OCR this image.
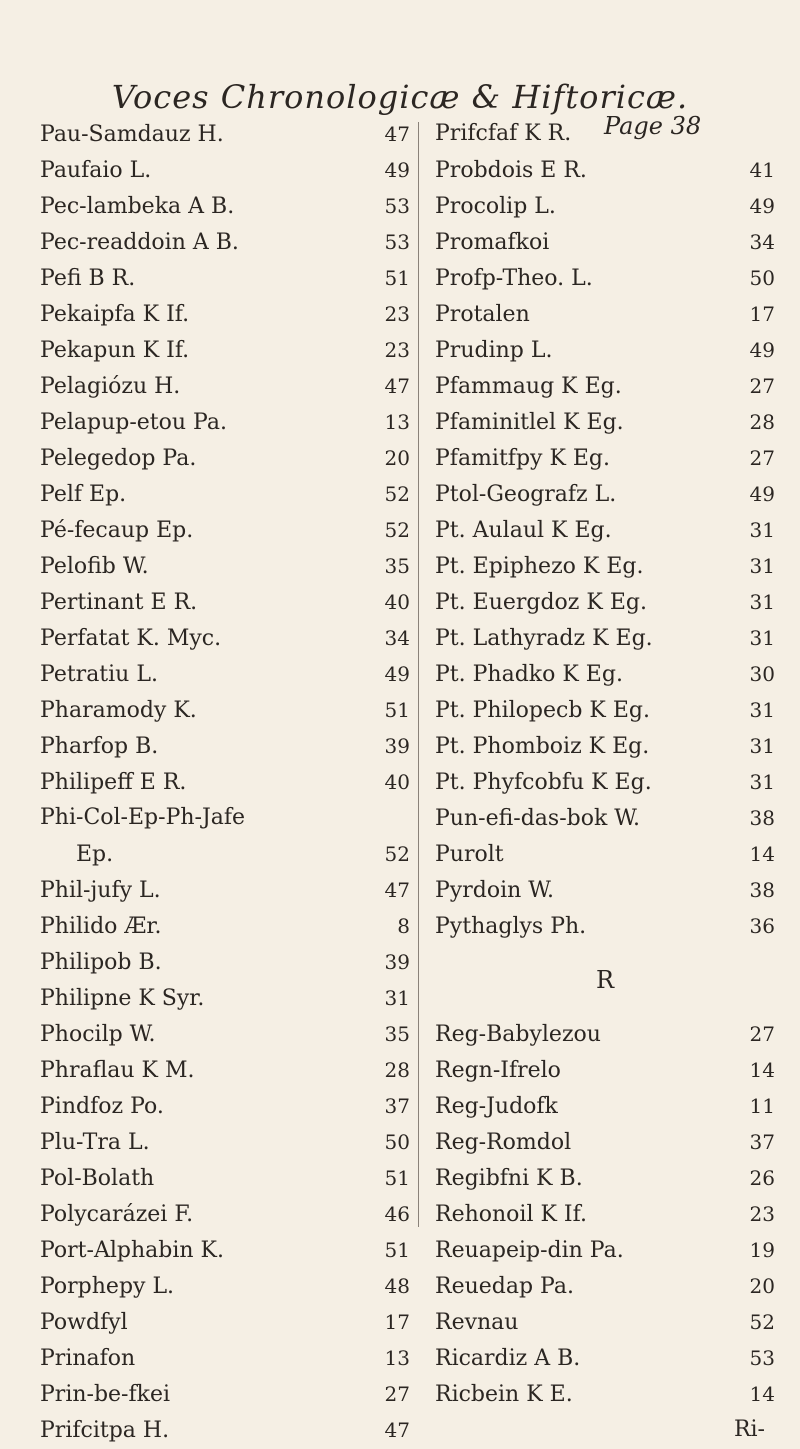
Voces Chronologicæ & Hiftoricæ.
Page 38
Pau-Samdauz H.	47
Paufaio L.	49
Pec-lambeka A B.	53
Pec-readdoin A B.	53
Pefi B R.	51
Pekaipfa K If.	23
Pekapun K If.	23
Pelagiózu H.	47
Pelapup-etou Pa.	13
Pelegedop Pa.	20
Pelf Ep.	52
Pé-fecaup Ep.	52
Pelofib W.	35
Pertinant E R.	40
Perfatat K. Myc.	34
Petratiu L.	49
Pharamody K.	51
Pharfop B.	39
Philipeff E R.	40
Phi-Col-Ep-Ph-Jafe
Ep.	52
Phil-jufy L.	47
Philido Ær.	8
Philipob B.	39
Philipne K Syr.	31
Phocilp W.	35
Phraflau K M.	28
Pindfoz Po.	37
Plu-Tra L.	50
Pol-Bolath	51
Polycarázei F.	46
Port-Alphabin K.	51
Porphepy L.	48
Powdfyl	17
Prinafon	13
Prin-be-fkei	27
Prifcitpa H.	47
Prifcfaf K R.
Probdois E R.	41
Procolip L.	49
Promafkoi	34
Profp-Theo. L.	50
Protalen	17
Prudinp L.	49
Pfammaug K Eg.	27
Pfaminitlel K Eg.	28
Pfamitfpy K Eg.	27
Ptol-Geografz L.	49
Pt. Aulaul K Eg.	31
Pt. Epiphezo K Eg.	31
Pt. Euergdoz K Eg.	31
Pt. Lathyradz K Eg.	31
Pt. Phadko K Eg.	30
Pt. Philopecb K Eg.	31
Pt. Phomboiz K Eg.	31
Pt. Phyfcobfu K Eg.	31
Pun-efi-das-bok W.	38
Purolt	14
Pyrdoin W.	38
Pythaglys Ph.	36
R
Reg-Babylezou	27
Regn-Ifrelo	14
Reg-Judofk	11
Reg-Romdol	37
Regibfni K B.	26
Rehonoil K If.	23
Reuapeip-din Pa.	19
Reuedap Pa.	20
Revnau	52
Ricardiz A B.	53
Ricbein K E.	14
Ri-
